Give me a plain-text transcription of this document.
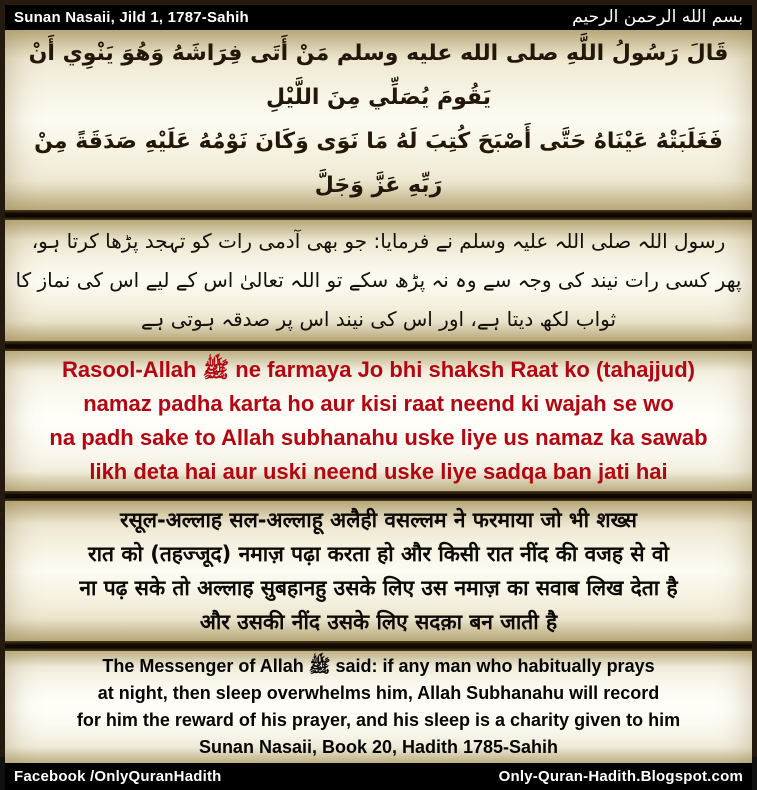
Sunan Nasaii, Jild 1, 1787-Sahih	بسم الله الرحمن الرحيم
قَالَ رَسُولُ اللَّهِ صلى الله عليه وسلم مَنْ أَتَى فِرَاشَهُ وَهُوَ يَنْوِي أَنْ يَقُومَ يُصَلِّي مِنَ اللَّيْلِ
فَغَلَبَتْهُ عَيْنَاهُ حَتَّى أَصْبَحَ كُتِبَ لَهُ مَا نَوَى وَكَانَ نَوْمُهُ عَلَيْهِ صَدَقَةً مِنْ رَبِّهِ عَزَّ وَجَلَّ
رسول اللہ صلی اللہ علیہ وسلم نے فرمایا: جو بھی آدمی رات کو تہجد پڑھا کرتا ہو،
پھر کسی رات نیند کی وجہ سے وہ نہ پڑھ سکے تو اللہ تعالیٰ اس کے لیے اس کی نماز کا
ثواب لکھ دیتا ہے، اور اس کی نیند اس پر صدقہ ہوتی ہے
Rasool-Allah ﷺ ne farmaya Jo bhi shaksh Raat ko (tahajjud)
namaz padha karta ho aur kisi raat neend ki wajah se wo
na padh sake to Allah subhanahu uske liye us namaz ka sawab
likh deta hai aur uski neend uske liye sadqa ban jati hai
रसूल-अल्लाह सल-अल्लाहू अलैही वसल्लम ने फरमाया जो भी शख्स
रात को (तहज्जूद) नमाज़ पढ़ा करता हो और किसी रात नींद की वजह से वो
ना पढ़ सके तो अल्लाह सुबहानहु उसके लिए उस नमाज़ का सवाब लिख देता है
और उसकी नींद उसके लिए सदक़ा बन जाती है
The Messenger of Allah ﷺ said: if any man who habitually prays
at night, then sleep overwhelms him, Allah Subhanahu will record
for him the reward of his prayer, and his sleep is a charity given to him
Sunan Nasaii, Book 20, Hadith 1785-Sahih
Facebook /OnlyQuranHadith	Only-Quran-Hadith.Blogspot.com
